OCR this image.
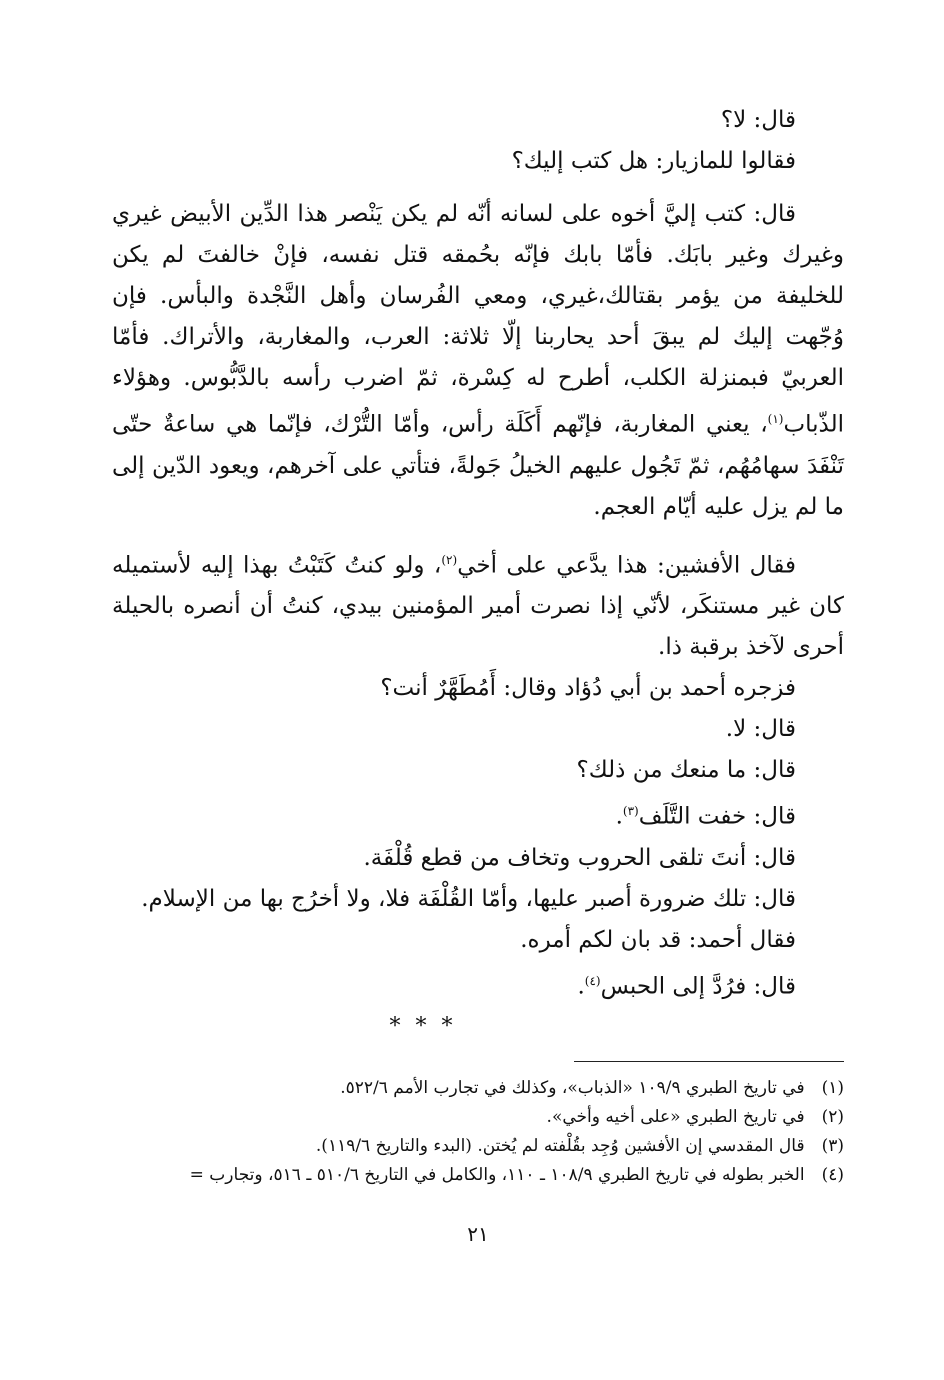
قال: لا؟
فقالوا للمازيار: هل كتب إليك؟
قال: كتب إليَّ أخوه على لسانه أنّه لم يكن يَنْصر هذا الدِّين الأبيض غيري وغيرك وغير بابَك. فأمّا بابك فإنّه بحُمقه قتل نفسه، فإنْ خالفتَ لم يكن للخليفة من يؤمر بقتالك،غيري، ومعي الفُرسان وأهل النَّجْدة والبأس. فإن وُجّهت إليك لم يبقَ أحد يحاربنا إلّا ثلاثة: العرب، والمغاربة، والأتراك. فأمّا العربيّ فبمنزلة الكلب، أطرح له كِسْرة، ثمّ اضرب رأسه بالدَّبُّوس. وهؤلاء الذّباب$^{(١)}$، يعني المغاربة، فإنّهم أَكَلَة رأس، وأمّا التُّرْك، فإنّما هي ساعةٌ حتّى تَنْفَدَ سهامُهُم، ثمّ تَجُول عليهم الخيلُ جَولةً، فتأتي على آخرهم، ويعود الدّين إلى ما لم يزل عليه أيّام العجم.
فقال الأفشين: هذا يدَّعي على أخي$^{(٢)}$، ولو كنتُ كَتَبْتُ بهذا إليه لأستميله كان غير مستنكَر، لأنّي إذا نصرت أمير المؤمنين بيدي، كنتُ أن أنصره بالحيلة أحرى لآخذ برقبة ذا.
فزجره أحمد بن أبي دُؤاد وقال: أَمُطَهَّرٌ أنت؟
قال: لا.
قال: ما منعك من ذلك؟
قال: خفت التَّلَف$^{(٣)}$.
قال: أنتَ تلقى الحروب وتخاف من قطع قُلْفَة.
قال: تلك ضرورة أصبر عليها، وأمّا القُلْفَة فلا، ولا أخرُج بها من الإسلام.
فقال أحمد: قد بان لكم أمره.
قال: فرُدَّ إلى الحبس$^{(٤)}$.
* * *
(١) في تاريخ الطبري ١٠٩/٩ «الذباب»، وكذلك في تجارب الأمم ٥٢٢/٦.
(٢) في تاريخ الطبري «على أخيه وأخي».
(٣) قال المقدسي إن الأفشين وُجِد بقُلْفته لم يُختن. (البدء والتاريخ ١١٩/٦).
(٤) الخبر بطوله في تاريخ الطبري ١٠٨/٩ ـ ١١٠، والكامل في التاريخ ٥١٠/٦ ـ ٥١٦، وتجارب =
٢١
